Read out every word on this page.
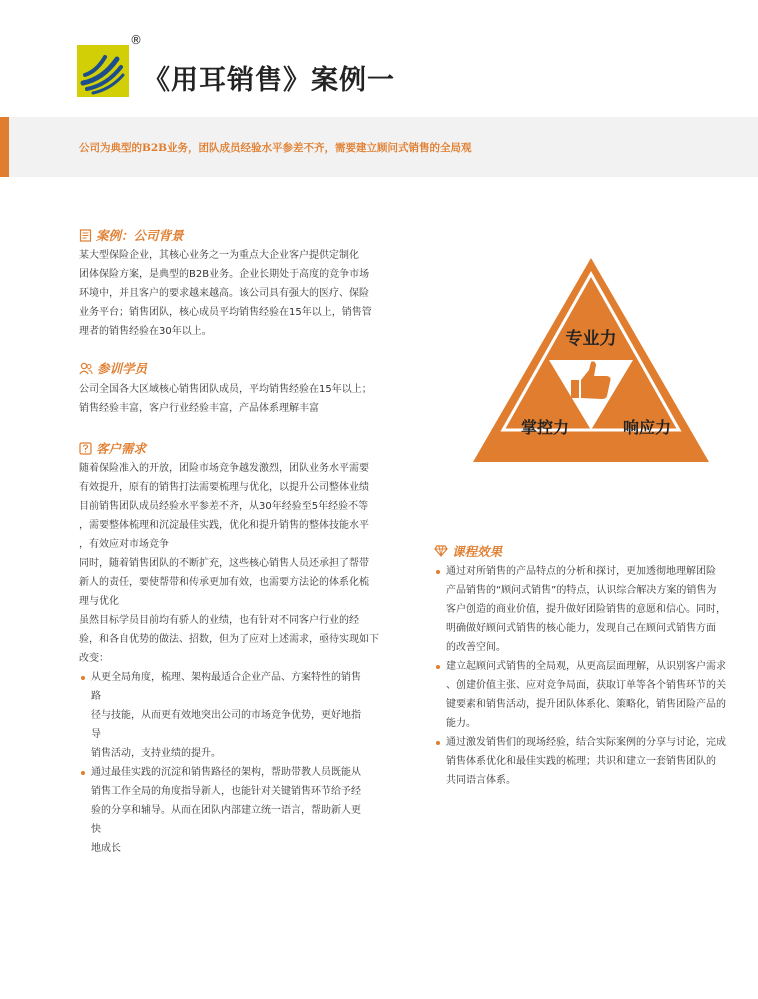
®
《用耳销售》案例一
公司为典型的B2B业务，团队成员经验水平参差不齐，需要建立顾问式销售的全局观
案例：公司背景
某大型保险企业，其核心业务之一为重点大企业客户提供定制化
团体保险方案，是典型的B2B业务。企业长期处于高度的竞争市场
环境中，并且客户的要求越来越高。该公司具有强大的医疗、保险
业务平台；销售团队，核心成员平均销售经验在15年以上，销售管
理者的销售经验在30年以上。
参训学员
公司全国各大区域核心销售团队成员，平均销售经验在15年以上；
销售经验丰富，客户行业经验丰富，产品体系理解丰富
客户需求
随着保险准入的开放，团险市场竞争越发激烈，团队业务水平需要
有效提升，原有的销售打法需要梳理与优化，以提升公司整体业绩
目前销售团队成员经验水平参差不齐，从30年经验至5年经验不等
，需要整体梳理和沉淀最佳实践，优化和提升销售的整体技能水平
，有效应对市场竞争
同时，随着销售团队的不断扩充，这些核心销售人员还承担了帮带
新人的责任，要使帮带和传承更加有效，也需要方法论的体系化梳
理与优化
虽然目标学员目前均有骄人的业绩，也有针对不同客户行业的经
验，和各自优势的做法、招数，但为了应对上述需求，亟待实现如下
改变：
从更全局角度，梳理、架构最适合企业产品、方案特性的销售路
径与技能，从而更有效地突出公司的市场竞争优势，更好地指导
销售活动，支持业绩的提升。
通过最佳实践的沉淀和销售路径的架构，帮助带教人员既能从
销售工作全局的角度指导新人，也能针对关键销售环节给予经
验的分享和辅导。从而在团队内部建立统一语言，帮助新人更快
地成长
专业力
掌控力	响应力
课程效果
通过对所销售的产品特点的分析和探讨，更加透彻地理解团险
产品销售的“顾问式销售”的特点，认识综合解决方案的销售为
客户创造的商业价值，提升做好团险销售的意愿和信心。同时，
明确做好顾问式销售的核心能力，发现自己在顾问式销售方面
的改善空间。
建立起顾问式销售的全局观，从更高层面理解，从识别客户需求
、创建价值主张、应对竞争局面，获取订单等各个销售环节的关
键要素和销售活动，提升团队体系化、策略化，销售团险产品的
能力。
通过激发销售们的现场经验，结合实际案例的分享与讨论，完成
销售体系优化和最佳实践的梳理；共识和建立一套销售团队的
共同语言体系。
